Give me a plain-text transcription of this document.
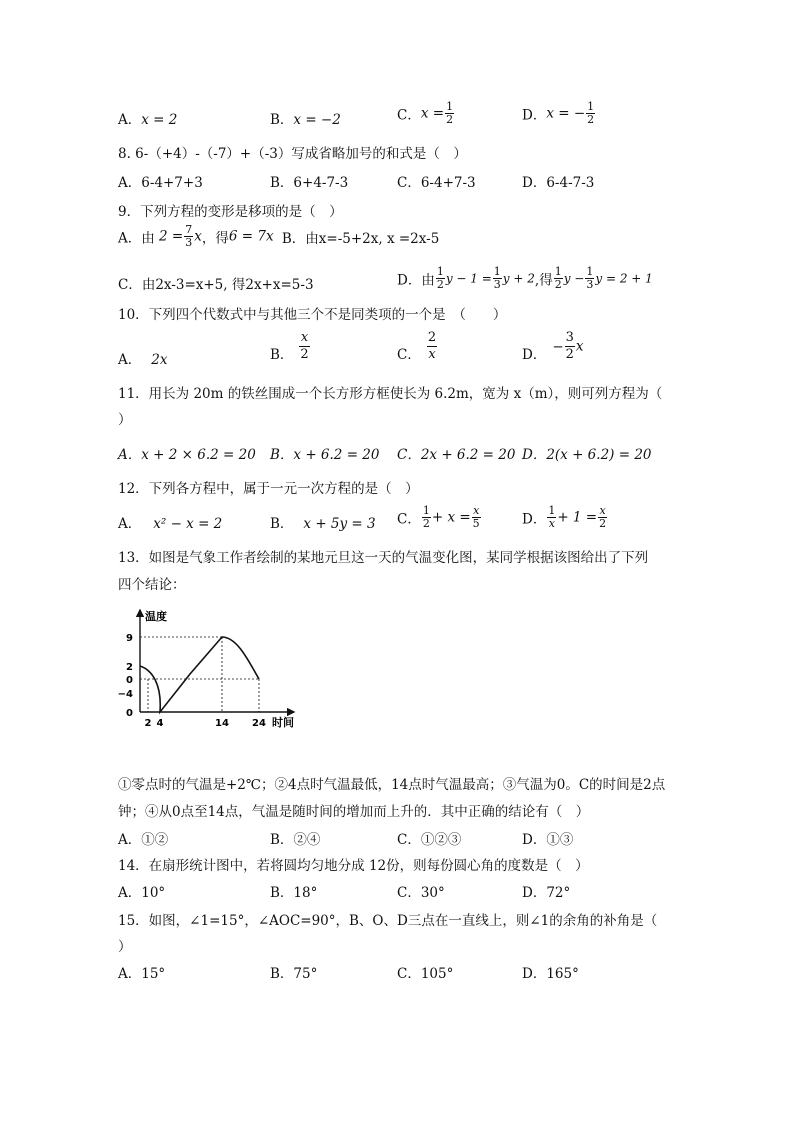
A．x = 2	B．x = −2	C．$x = \frac{1}{2}$	D．x = − $\frac{1}{2}$
8. 6-（+4）-（-7）+（-3）写成省略加号的和式是（　）
A．6-4+7+3	B．6+4-7-3	C．6-4+7-3	D．6-4-7-3
9．下列方程的变形是移项的是（　）
A．由 $2 = \frac{7}{3}$ x，得6 = 7x B．由x=-5+2x, x =2x-5
C．由2x-3=x+5, 得2x+x=5-3	D．由 $\frac{1}{2}$ $y - 1 = \frac{1}{3}$ y + 2,得 $\frac{1}{2}$ $y - \frac{1}{3}$ y = 2 + 1
10．下列四个代数式中与其他三个不是同类项的一个是　（　　）
A． 2x	B． $\frac{x}{2}$	C． $\frac{2}{x}$	D．− $\frac{3}{2}$ x
11．用长为 20m 的铁丝围成一个长方形方框使长为 6.2m，宽为 x（m），则可列方程为（
）
A．x + 2 × 6.2 = 20 B．x + 6.2 = 20 C．2x + 6.2 = 20 D．2(x + 6.2) = 20
12．下列各方程中，属于一元一次方程的是（　）
A． x² − x = 2	B． x + 5y = 3 C． $\frac{1}{2} + x = \frac{x}{5}$	D． $\frac{1}{x} + 1 = \frac{x}{2}$
13．如图是气象工作者绘制的某地元旦这一天的气温变化图，某同学根据该图给出了下列
四个结论：
温度
时间
9
2
0
−4
0
2 4	14 24
①零点时的气温是+2℃；②4点时气温最低，14点时气温最高；③气温为0。C的时间是2点
钟；④从0点至14点，气温是随时间的增加而上升的．其中正确的结论有（　）
A．①②	B．②④	C．①②③	D．①③
14．在扇形统计图中，若将圆均匀地分成 12份，则每份圆心角的度数是（　）
A．10°	B．18°	C．30°	D．72°
15．如图，∠1=15°，∠AOC=90°，B、O、D三点在一直线上，则∠1的余角的补角是（
）
A．15°	B．75°	C．105°	D．165°
